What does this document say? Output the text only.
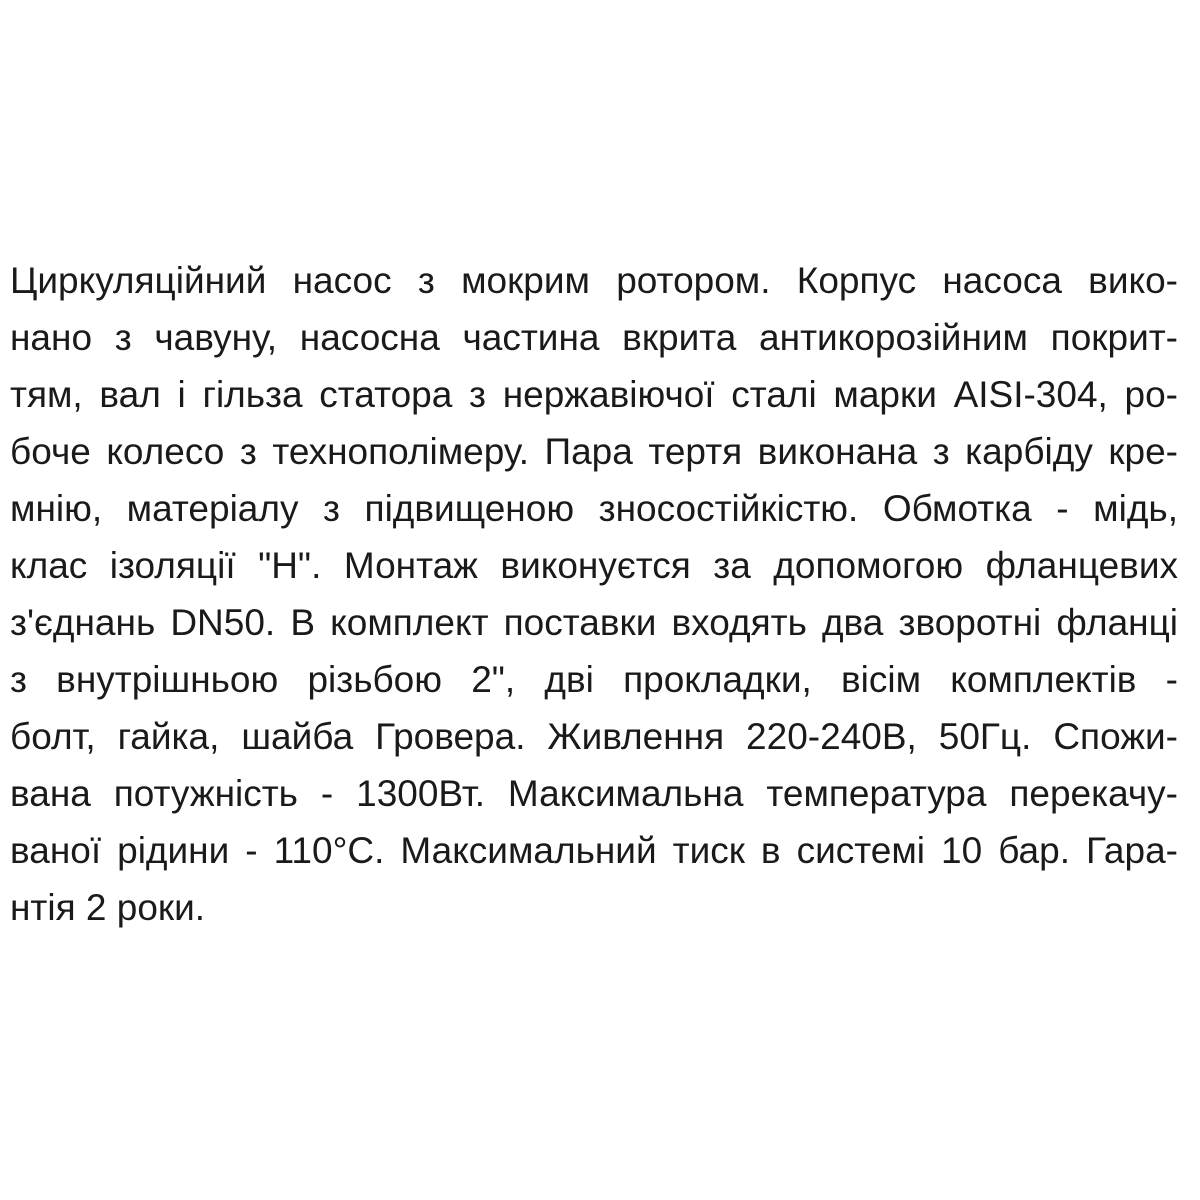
Циркуляційний насос з мокрим ротором. Корпус насоса вико-
нано з чавуну, насосна частина вкрита антикорозійним покрит-
тям, вал і гільза статора з нержавіючої сталі марки AISI-304, ро-
боче колесо з технополімеру. Пара тертя виконана з карбіду кре-
мнію, матеріалу з підвищеною зносостійкістю. Обмотка - мідь,
клас ізоляції "Н". Монтаж виконуєтся за допомогою фланцевих
з'єднань DN50. В комплект поставки входять два зворотні фланці
з внутрішньою різьбою 2", дві прокладки, вісім комплектів -
болт, гайка, шайба Гровера. Живлення 220-240В, 50Гц. Спожи-
вана потужність - 1300Вт. Максимальна температура перекачу-
ваної рідини - 110°С. Максимальний тиск в системі 10 бар. Гара-
нтія 2 роки.
